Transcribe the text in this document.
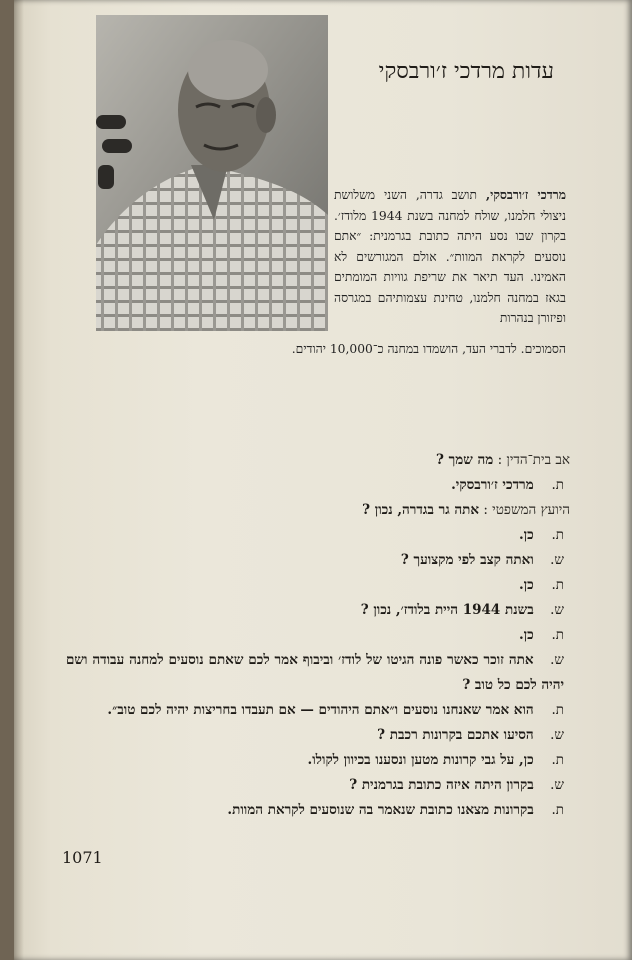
עדות מרדכי ז׳ורבסקי

מרדכי ז׳ורבסקי, תושב גדרה, השני משלושת ניצולי חלמנו, שולח למחנה בשנת 1944 מלודז׳. בקרון שבו נסע היתה כתובת בגרמנית: ״אתם נוסעים לקראת המוות״. אולם המגורשים לא האמינו. העד תיאר את שריפת גוויות המומתים בגאז במחנה חלמנו, טחינת עצמותיהם במגרסה ופיזורן בנהרות

הסמוכים. לדברי העד, הושמדו במחנה כ־10,000 יהודים.

אב בית־הדין : מה שמך ?
ת. מרדכי ז׳ורבסקי.
היועץ המשפטי : אתה גר בגדרה, נכון ?
ת. כן.
ש. ואתה קצב לפי מקצועך ?
ת. כן.
ש. בשנת 1944 היית בלודז׳, נכון ?
ת. כן.
ש. אתה זוכר כאשר פונה הגיטו של לודז׳ וביבוף אמר לכם שאתם נוסעים למחנה עבודה ושם יהיה לכם כל טוב ?
ת. הוא אמר שאנחנו נוסעים ו״אתם היהודים — אם תעבדו בחריצות יהיה לכם טוב״.
ש. הסיעו אתכם בקרונות רכבת ?
ת. כן, על גבי קרונות מטען ונסענו בכיוון לקולו.
ש. בקרון היתה איזה כתובת בגרמנית ?
ת. בקרונות מצאנו כתובת שנאמר בה שנוסעים לקראת המוות.
1071
